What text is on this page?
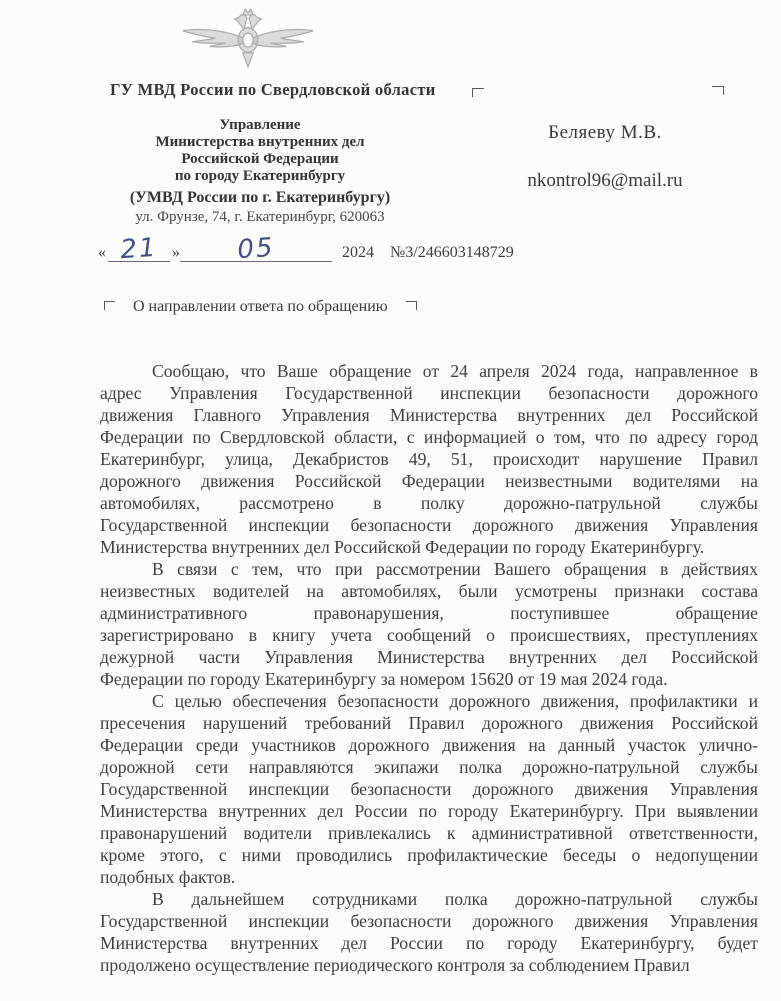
ГУ МВД России по Свердловской области
Управление
Министерства внутренних дел
Российской Федерации
по городу Екатеринбургу
(УМВД России по г. Екатеринбургу)
ул. Фрунзе, 74, г. Екатеринбург, 620063
Беляеву М.В.
nkontrol96@mail.ru
« 21 » 05	2024 №3/246603148729
О направлении ответа по обращению
Сообщаю, что Ваше обращение от 24 апреля 2024 года, направленное в
адрес Управления Государственной инспекции безопасности дорожного
движения Главного Управления Министерства внутренних дел Российской
Федерации по Свердловской области, с информацией о том, что по адресу город
Екатеринбург, улица, Декабристов 49, 51, происходит нарушение Правил
дорожного движения Российской Федерации неизвестными водителями на
автомобилях, рассмотрено в полку дорожно-патрульной службы
Государственной инспекции безопасности дорожного движения Управления
Министерства внутренних дел Российской Федерации по городу Екатеринбургу.
В связи с тем, что при рассмотрении Вашего обращения в действиях
неизвестных водителей на автомобилях, были усмотрены признаки состава
административного правонарушения, поступившее обращение
зарегистрировано в книгу учета сообщений о происшествиях, преступлениях
дежурной части Управления Министерства внутренних дел Российской
Федерации по городу Екатеринбургу за номером 15620 от 19 мая 2024 года.
С целью обеспечения безопасности дорожного движения, профилактики и
пресечения нарушений требований Правил дорожного движения Российской
Федерации среди участников дорожного движения на данный участок улично-
дорожной сети направляются экипажи полка дорожно-патрульной службы
Государственной инспекции безопасности дорожного движения Управления
Министерства внутренних дел России по городу Екатеринбургу. При выявлении
правонарушений водители привлекались к административной ответственности,
кроме этого, с ними проводились профилактические беседы о недопущении
подобных фактов.
В дальнейшем сотрудниками полка дорожно-патрульной службы
Государственной инспекции безопасности дорожного движения Управления
Министерства внутренних дел России по городу Екатеринбургу, будет
продолжено осуществление периодического контроля за соблюдением Правил
